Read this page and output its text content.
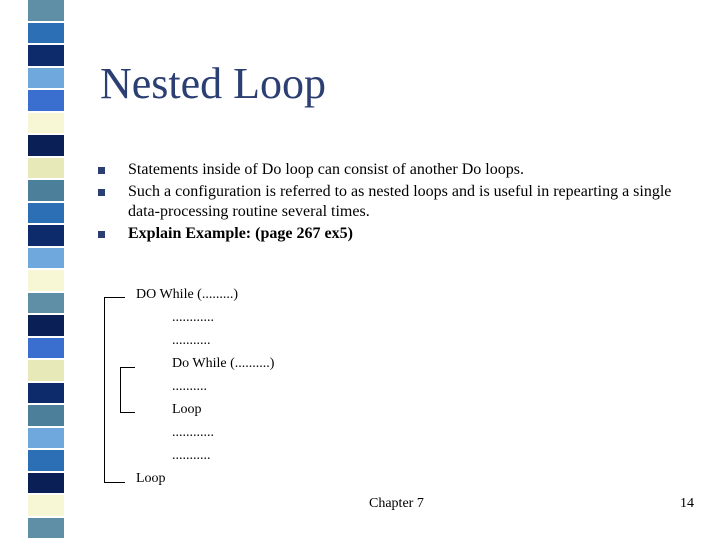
Nested Loop
Statements inside of Do loop can consist of another Do loops.
Such a configuration is referred to as nested loops and is useful in repearting a single data-processing routine several times.
Explain Example: (page 267 ex5)
DO While (.........)
............
...........
Do While (..........)
..........
Loop
............
...........
Loop
Chapter 7	14
